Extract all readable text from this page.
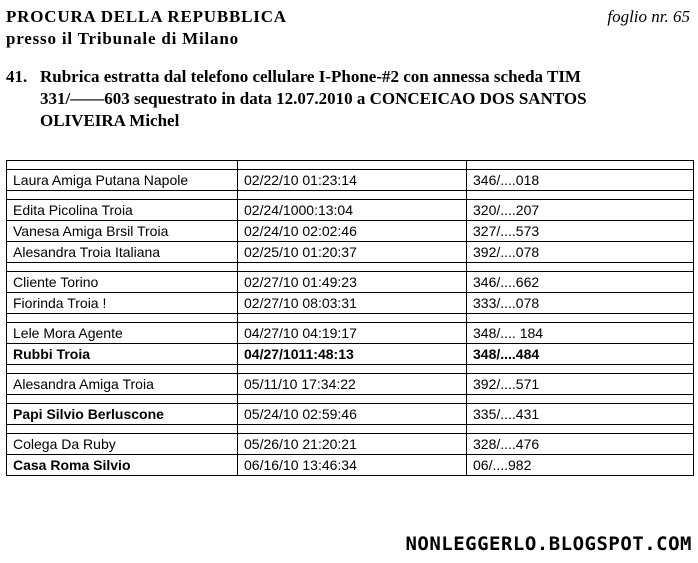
PROCURA DELLA REPUBBLICA
presso il Tribunale di Milano
foglio nr. 65
41. Rubrica estratta dal telefono cellulare I-Phone-#2 con annessa scheda TIM
331/——603 sequestrato in data 12.07.2010 a CONCEICAO DOS SANTOS
OLIVEIRA Michel

Laura Amiga Putana Napole	02/22/10 01:23:14	346/....018

Edita Picolina Troia	02/24/1000:13:04	320/....207
Vanesa Amiga Brsil Troia	02/24/10 02:02:46	327/....573
Alesandra Troia Italiana	02/25/10 01:20:37	392/....078

Cliente Torino	02/27/10 01:49:23	346/....662
Fiorinda Troia !	02/27/10 08:03:31	333/....078

Lele Mora Agente	04/27/10 04:19:17	348/.... 184
Rubbi Troia	04/27/1011:48:13	348/....484

Alesandra Amiga Troia	05/11/10 17:34:22	392/....571

Papi Silvio Berluscone	05/24/10 02:59:46	335/....431

Colega Da Ruby	05/26/10 21:20:21	328/....476
Casa Roma Silvio	06/16/10 13:46:34	06/....982
NONLEGGERLO.BLOGSPOT.COM
